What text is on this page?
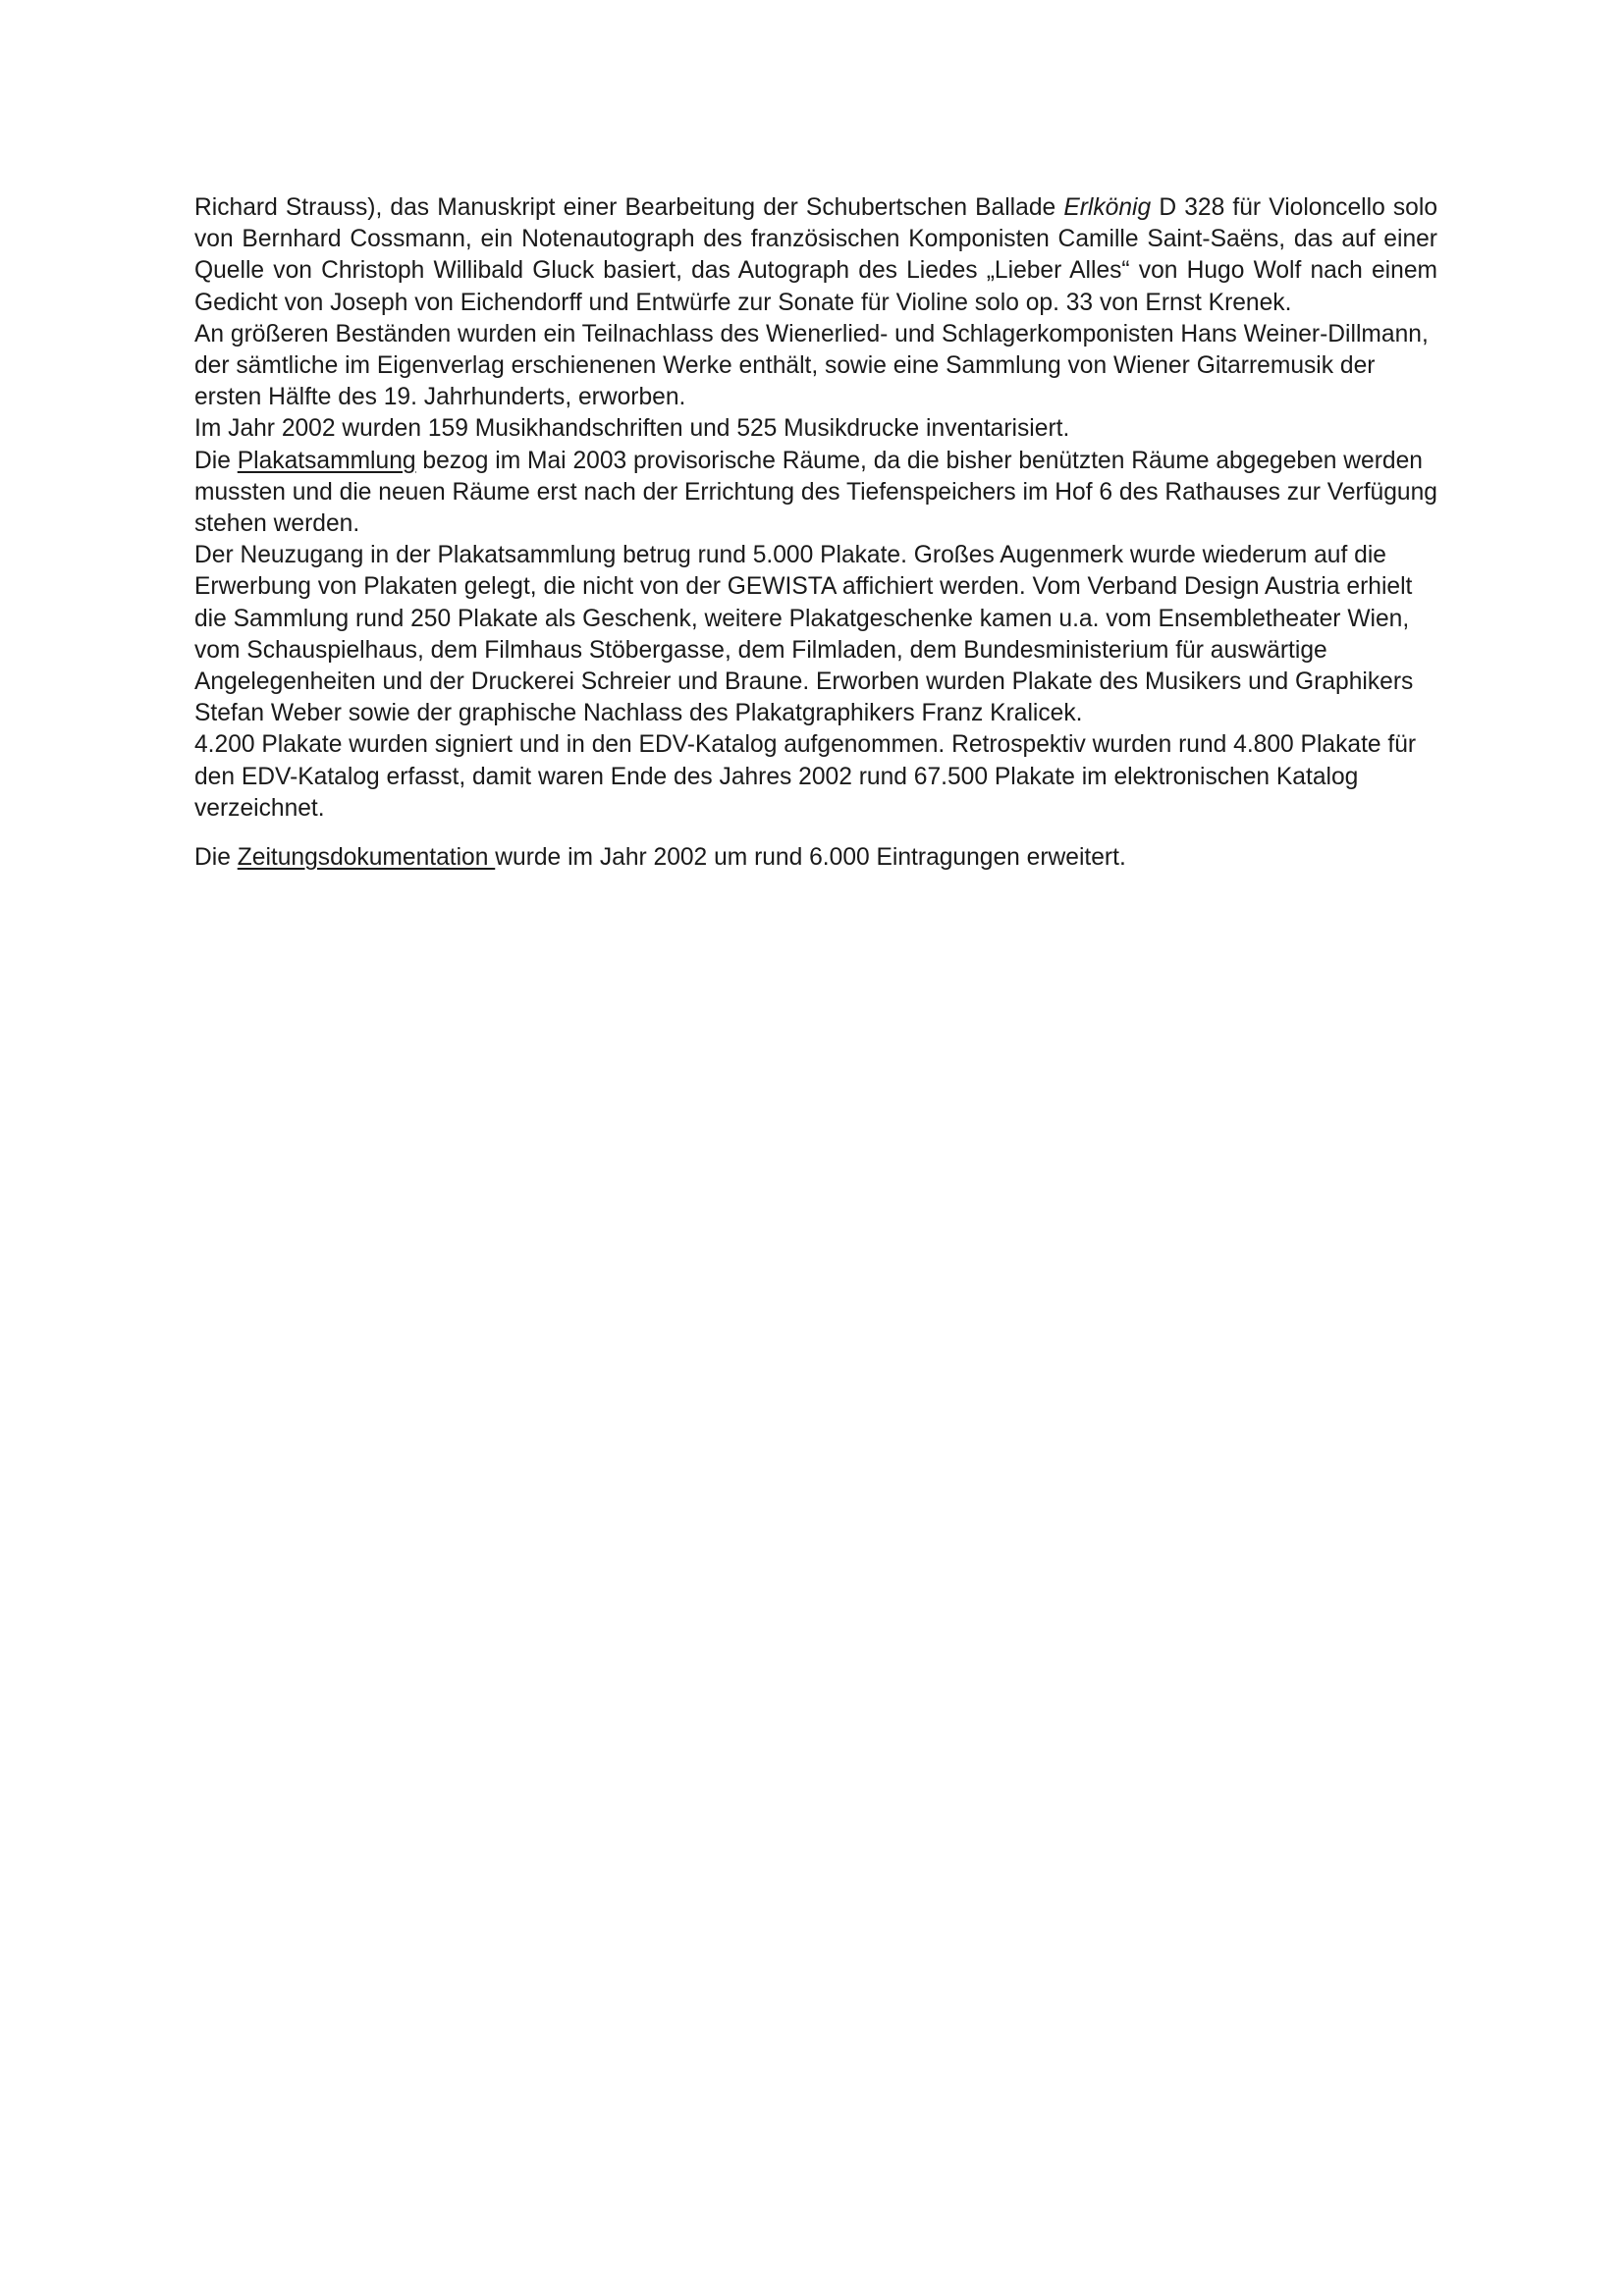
Richard Strauss), das Manuskript einer Bearbeitung der Schubertschen Ballade Erlkönig D 328 für Violoncello solo von Bernhard Cossmann, ein Notenautograph des französischen Komponisten Camille Saint-Saëns, das auf einer Quelle von Christoph Willibald Gluck basiert, das Autograph des Liedes „Lieber Alles“ von Hugo Wolf nach einem Gedicht von Joseph von Eichendorff und Entwürfe zur Sonate für Violine solo op. 33 von Ernst Krenek.

An größeren Beständen wurden ein Teilnachlass des Wienerlied- und Schlagerkomponisten Hans Weiner-Dillmann, der sämtliche im Eigenverlag erschienenen Werke enthält, sowie eine Sammlung von Wiener Gitarremusik der ersten Hälfte des 19. Jahrhunderts, erworben.

Im Jahr 2002 wurden 159 Musikhandschriften und 525 Musikdrucke inventarisiert.

Die Plakatsammlung bezog im Mai 2003 provisorische Räume, da die bisher benützten Räume abgegeben werden mussten und die neuen Räume erst nach der Errichtung des Tiefenspeichers im Hof 6 des Rathauses zur Verfügung stehen werden.

Der Neuzugang in der Plakatsammlung betrug rund 5.000 Plakate. Großes Augenmerk wurde wiederum auf die Erwerbung von Plakaten gelegt, die nicht von der GEWISTA affichiert werden. Vom Verband Design Austria erhielt die Sammlung rund 250 Plakate als Geschenk, weitere Plakatgeschenke kamen u.a. vom Ensembletheater Wien, vom Schauspielhaus, dem Filmhaus Stöbergasse, dem Filmladen, dem Bundesministerium für auswärtige Angelegenheiten und der Druckerei Schreier und Braune. Erworben wurden Plakate des Musikers und Graphikers Stefan Weber sowie der graphische Nachlass des Plakatgraphikers Franz Kralicek.

4.200 Plakate wurden signiert und in den EDV-Katalog aufgenommen. Retrospektiv wurden rund 4.800 Plakate für den EDV-Katalog erfasst, damit waren Ende des Jahres 2002 rund 67.500 Plakate im elektronischen Katalog verzeichnet.

Die Zeitungsdokumentation wurde im Jahr 2002 um rund 6.000 Eintragungen erweitert.
